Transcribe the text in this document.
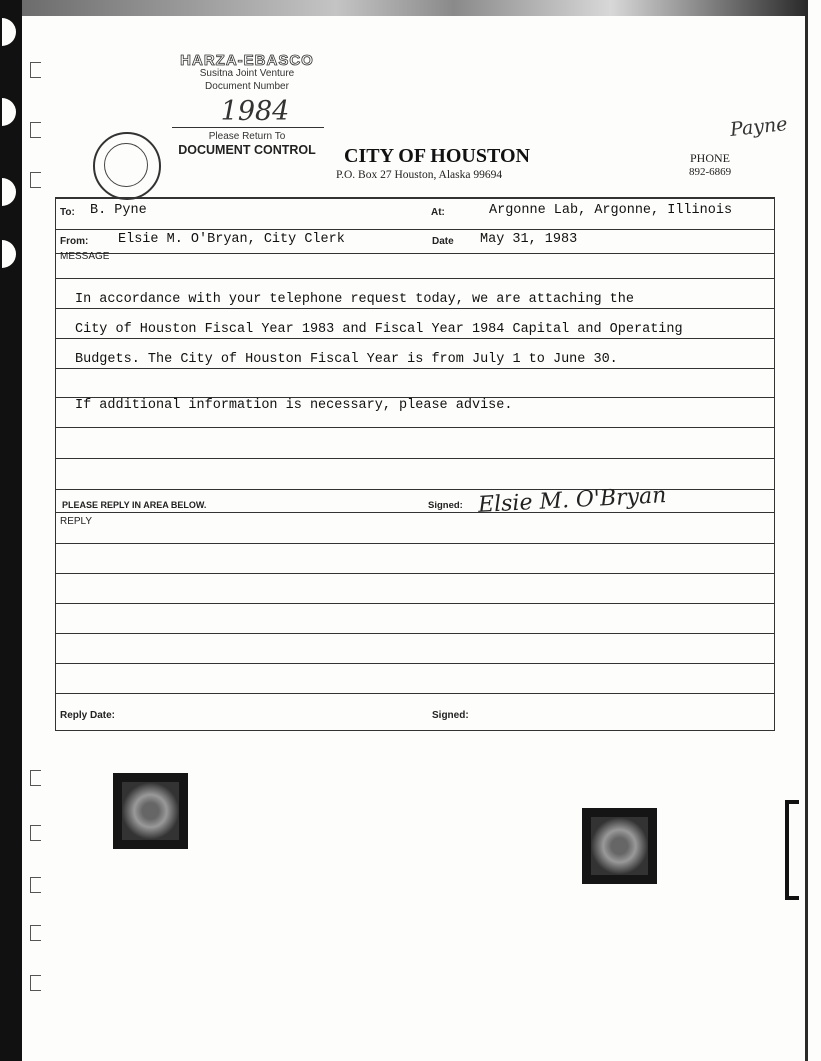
HARZA-EBASCO
Susitna Joint Venture
Document Number
1984
Please Return To
DOCUMENT CONTROL	CITY OF HOUSTON
P.O. Box 27 Houston, Alaska 99694
PHONE
892-6869
Payne
To: B. Pyne	At:	Argonne Lab, Argonne, Illinois
From: Elsie M. O'Bryan, City Clerk	Date May 31, 1983
MESSAGE
In accordance with your telephone request today, we are attaching the
City of Houston Fiscal Year 1983 and Fiscal Year 1984 Capital and Operating
Budgets. The City of Houston Fiscal Year is from July 1 to June 30.
If additional information is necessary, please advise.
PLEASE REPLY IN AREA BELOW.	Signed: Elsie M. O'Bryan
REPLY
Reply Date:	Signed:
